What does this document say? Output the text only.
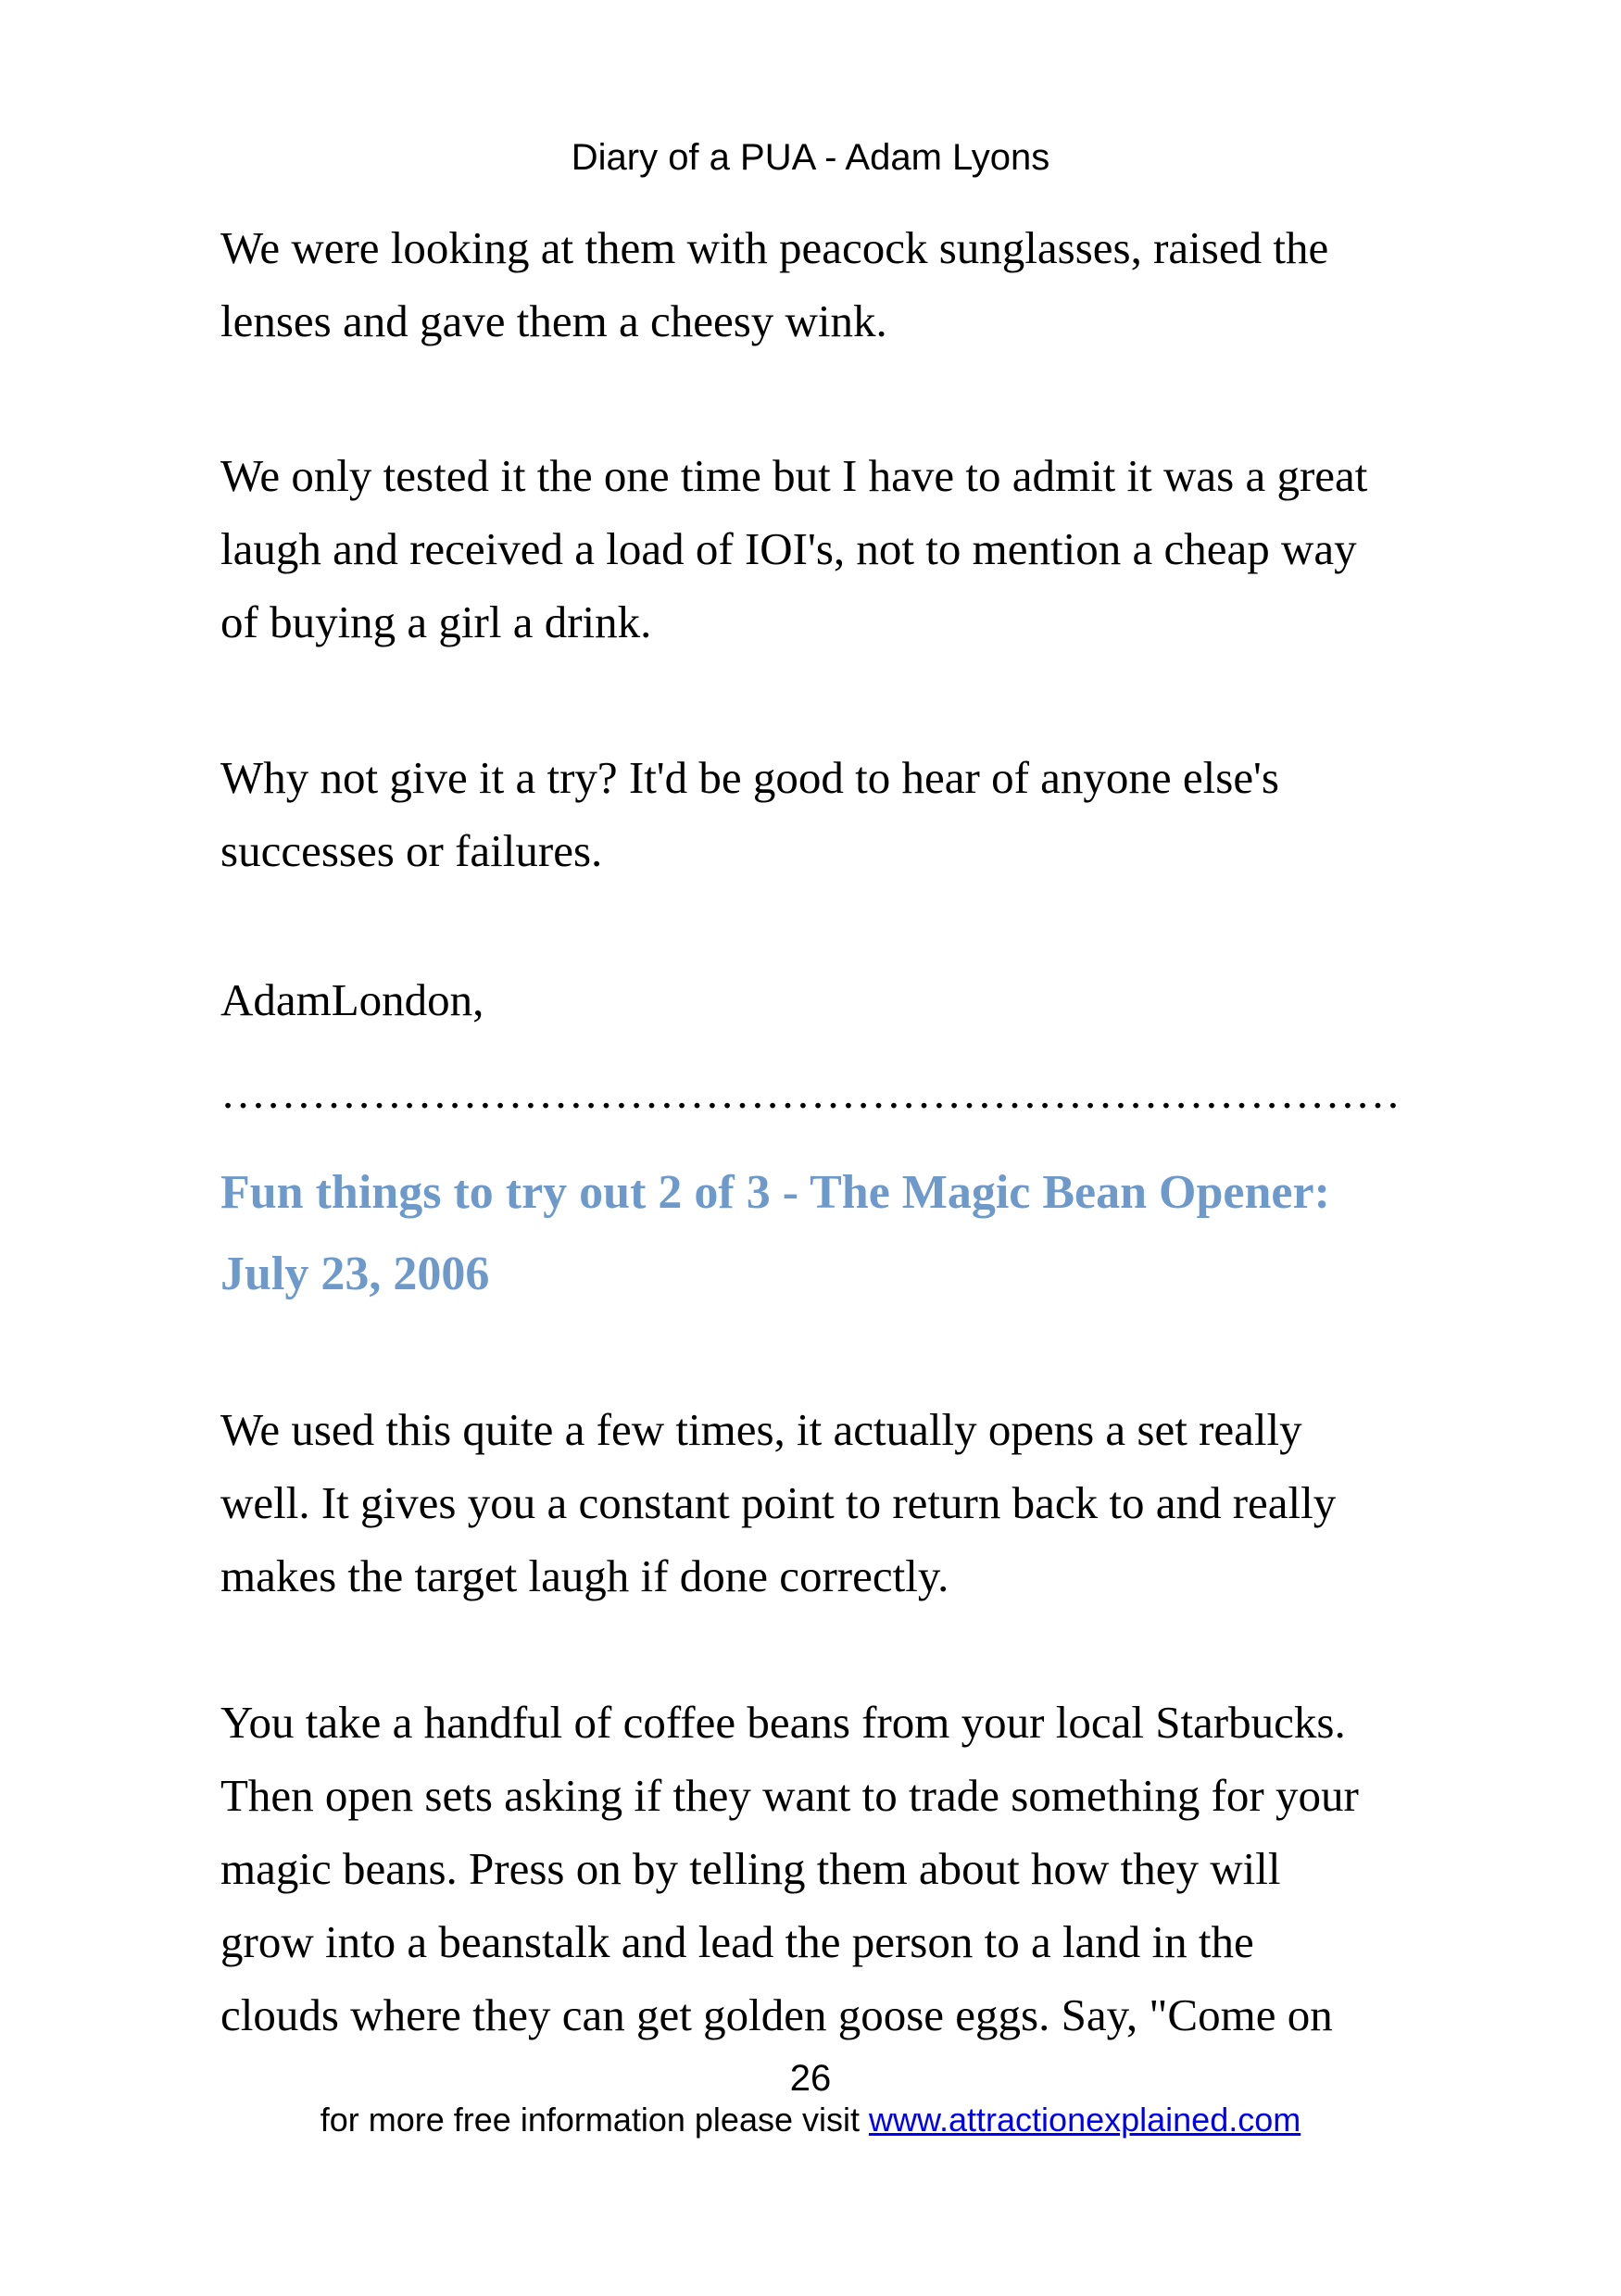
Diary of a PUA - Adam Lyons
We were looking at them with peacock sunglasses, raised the
lenses and gave them a cheesy wink.
We only tested it the one time but I have to admit it was a great
laugh and received a load of IOI's, not to mention a cheap way
of buying a girl a drink.
Why not give it a try? It'd be good to hear of anyone else's
successes or failures.
AdamLondon,
……………………………………………………………………
Fun things to try out 2 of 3 - The Magic Bean Opener:
July 23, 2006
We used this quite a few times, it actually opens a set really
well. It gives you a constant point to return back to and really
makes the target laugh if done correctly.
You take a handful of coffee beans from your local Starbucks.
Then open sets asking if they want to trade something for your
magic beans. Press on by telling them about how they will
grow into a beanstalk and lead the person to a land in the
clouds where they can get golden goose eggs. Say, "Come on
26
for more free information please visit www.attractionexplained.com
